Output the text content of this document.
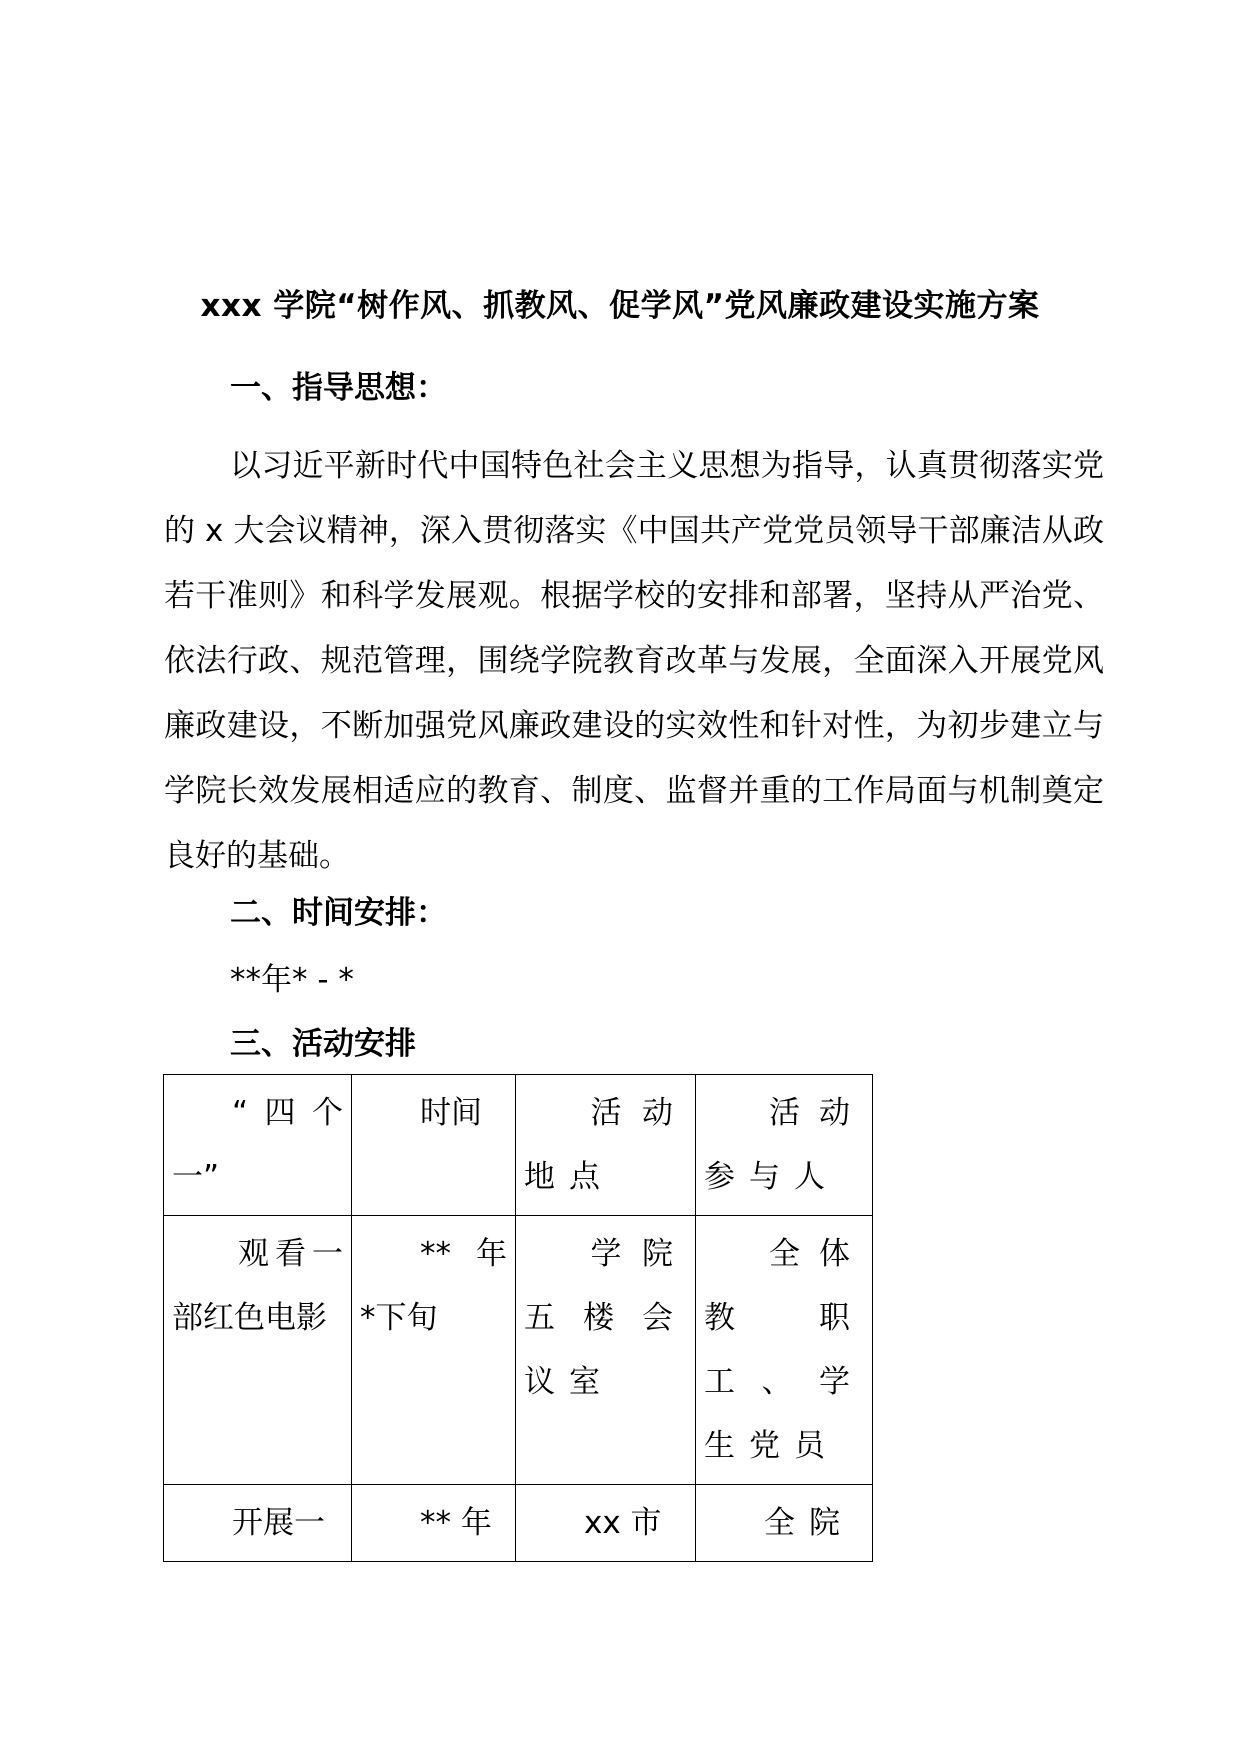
xxx 学院“树作风、抓教风、促学风”党风廉政建设实施方案
一、指导思想：

以习近平新时代中国特色社会主义思想为指导，认真贯彻落实党的 x 大会议精神，深入贯彻落实《中国共产党党员领导干部廉洁从政若干准则》和科学发展观。根据学校的安排和部署，坚持从严治党、依法行政、规范管理，围绕学院教育改革与发展，全面深入开展党风廉政建设，不断加强党风廉政建设的实效性和针对性，为初步建立与学院长效发展相适应的教育、制度、监督并重的工作局面与机制奠定良好的基础。

二、时间安排：
**年* - *
三、活动安排
“四个一”	时间	活动地点	活动参与人
观看一部红色电影	** 年 *下旬	学院五楼会议室	全体教职工、学生党员
开展一	** 年	xx 市	全院
